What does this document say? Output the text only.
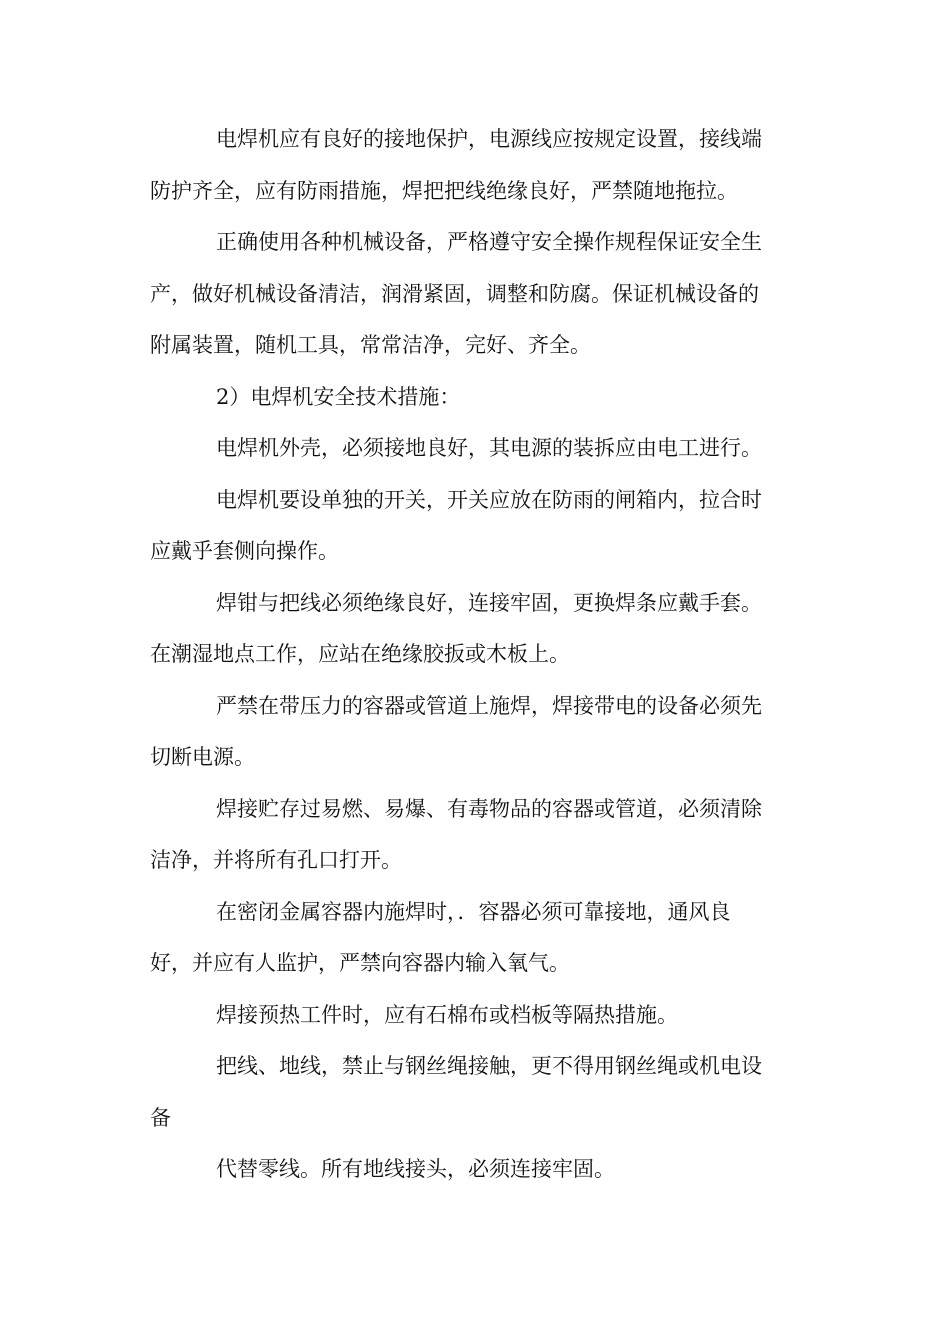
电焊机应有良好的接地保护，电源线应按规定设置，接线端
防护齐全，应有防雨措施，焊把把线绝缘良好，严禁随地拖拉。
正确使用各种机械设备，严格遵守安全操作规程保证安全生
产，做好机械设备清洁，润滑紧固，调整和防腐。保证机械设备的
附属装置，随机工具，常常洁净，完好、齐全。
2）电焊机安全技术措施：
电焊机外壳，必须接地良好，其电源的装拆应由电工进行。
电焊机要设单独的开关，开关应放在防雨的闸箱内，拉合时
应戴乎套侧向操作。
焊钳与把线必须绝缘良好，连接牢固，更换焊条应戴手套。
在潮湿地点工作，应站在绝缘胶扳或木板上。
严禁在带压力的容器或管道上施焊，焊接带电的设备必须先
切断电源。
焊接贮存过易燃、易爆、有毒物品的容器或管道，必须清除
洁净，并将所有孔口打开。
在密闭金属容器内施焊时，．容器必须可靠接地，通风良
好，并应有人监护，严禁向容器内输入氧气。
焊接预热工件时，应有石棉布或档板等隔热措施。
把线、地线，禁止与钢丝绳接触，更不得用钢丝绳或机电设
备
代替零线。所有地线接头，必须连接牢固。
